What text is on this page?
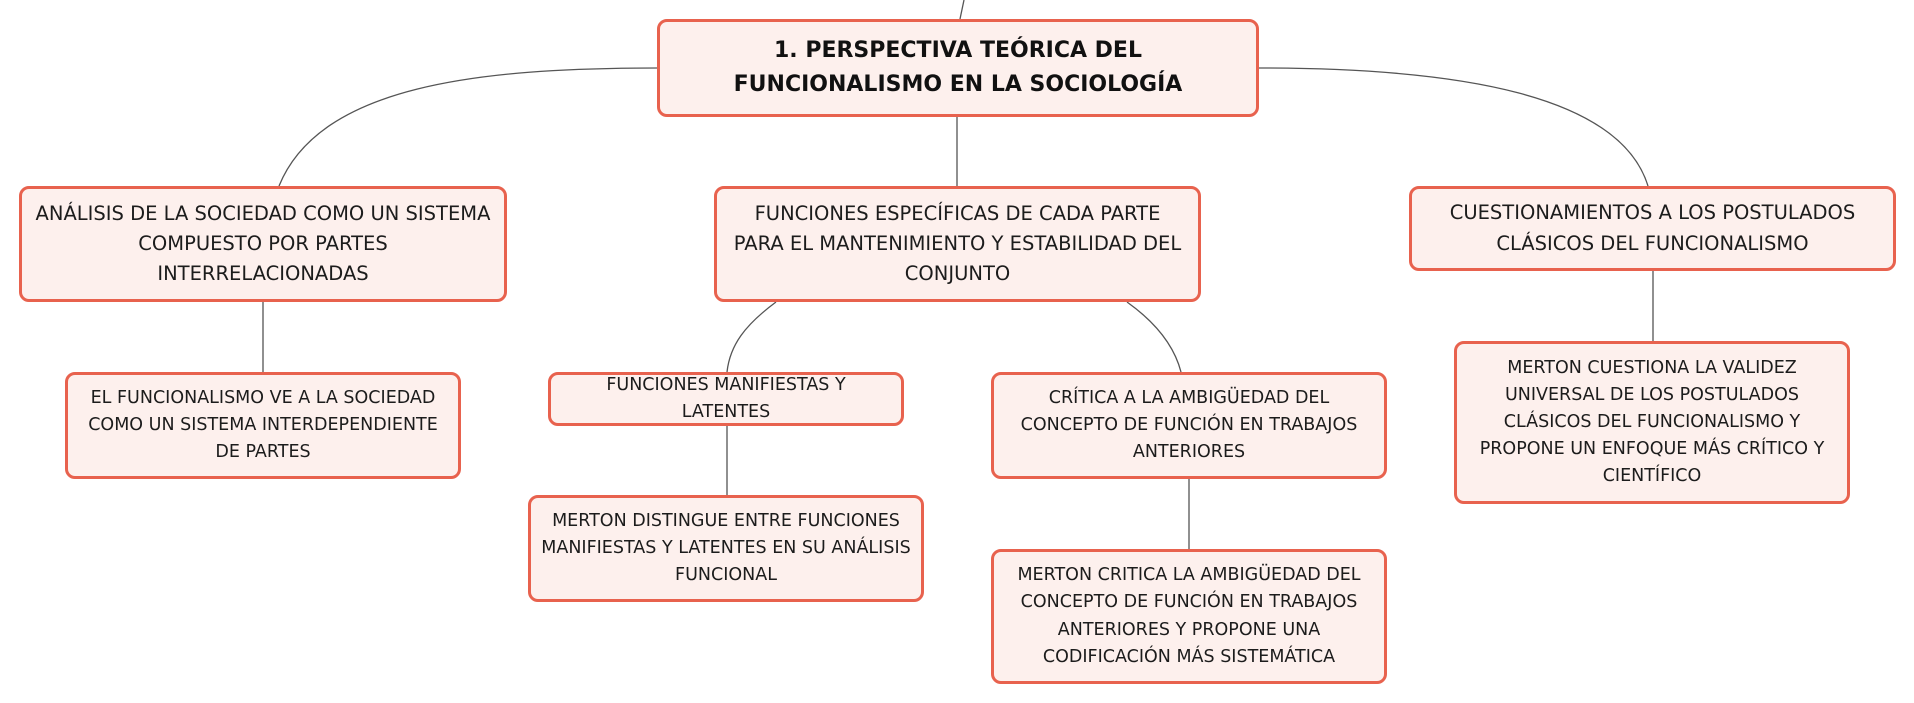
1. PERSPECTIVA TEÓRICA DEL FUNCIONALISMO EN LA SOCIOLOGÍA
ANÁLISIS DE LA SOCIEDAD COMO UN SISTEMA COMPUESTO POR PARTES INTERRELACIONADAS
FUNCIONES ESPECÍFICAS DE CADA PARTE PARA EL MANTENIMIENTO Y ESTABILIDAD DEL CONJUNTO
CUESTIONAMIENTOS A LOS POSTULADOS CLÁSICOS DEL FUNCIONALISMO
EL FUNCIONALISMO VE A LA SOCIEDAD COMO UN SISTEMA INTERDEPENDIENTE DE PARTES
FUNCIONES MANIFIESTAS Y LATENTES
CRÍTICA A LA AMBIGÜEDAD DEL CONCEPTO DE FUNCIÓN EN TRABAJOS ANTERIORES
MERTON DISTINGUE ENTRE FUNCIONES MANIFIESTAS Y LATENTES EN SU ANÁLISIS FUNCIONAL	MERTON CRITICA LA AMBIGÜEDAD DEL CONCEPTO DE FUNCIÓN EN TRABAJOS ANTERIORES Y PROPONE UNA CODIFICACIÓN MÁS SISTEMÁTICA
MERTON CUESTIONA LA VALIDEZ UNIVERSAL DE LOS POSTULADOS CLÁSICOS DEL FUNCIONALISMO Y PROPONE UN ENFOQUE MÁS CRÍTICO Y CIENTÍFICO
